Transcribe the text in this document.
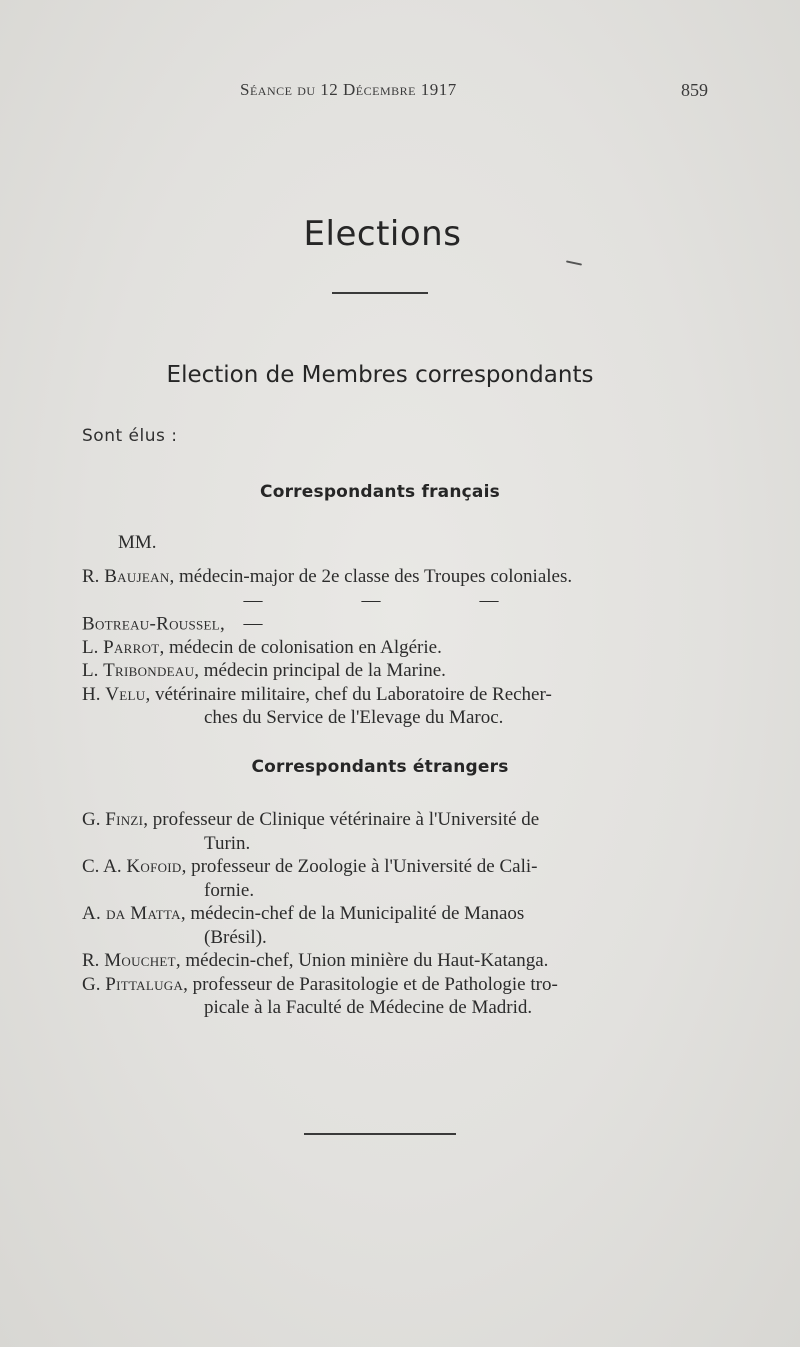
Séance du 12 Décembre 1917	859
Elections
Election de Membres correspondants
Sont élus :
Correspondants français
MM.
R. Baujean, médecin-major de 2e classe des Troupes coloniales.
Botreau-Roussel, —	—	——
L. Parrot, médecin de colonisation en Algérie.
L. Tribondeau, médecin principal de la Marine.
H. Velu, vétérinaire militaire, chef du Laboratoire de Recher-
ches du Service de l'Elevage du Maroc.
Correspondants étrangers
G. Finzi, professeur de Clinique vétérinaire à l'Université de
Turin.
C. A. Kofoid, professeur de Zoologie à l'Université de Cali-
fornie.
A. da Matta, médecin-chef de la Municipalité de Manaos
(Brésil).
R. Mouchet, médecin-chef, Union minière du Haut-Katanga.
G. Pittaluga, professeur de Parasitologie et de Pathologie tro-
picale à la Faculté de Médecine de Madrid.
